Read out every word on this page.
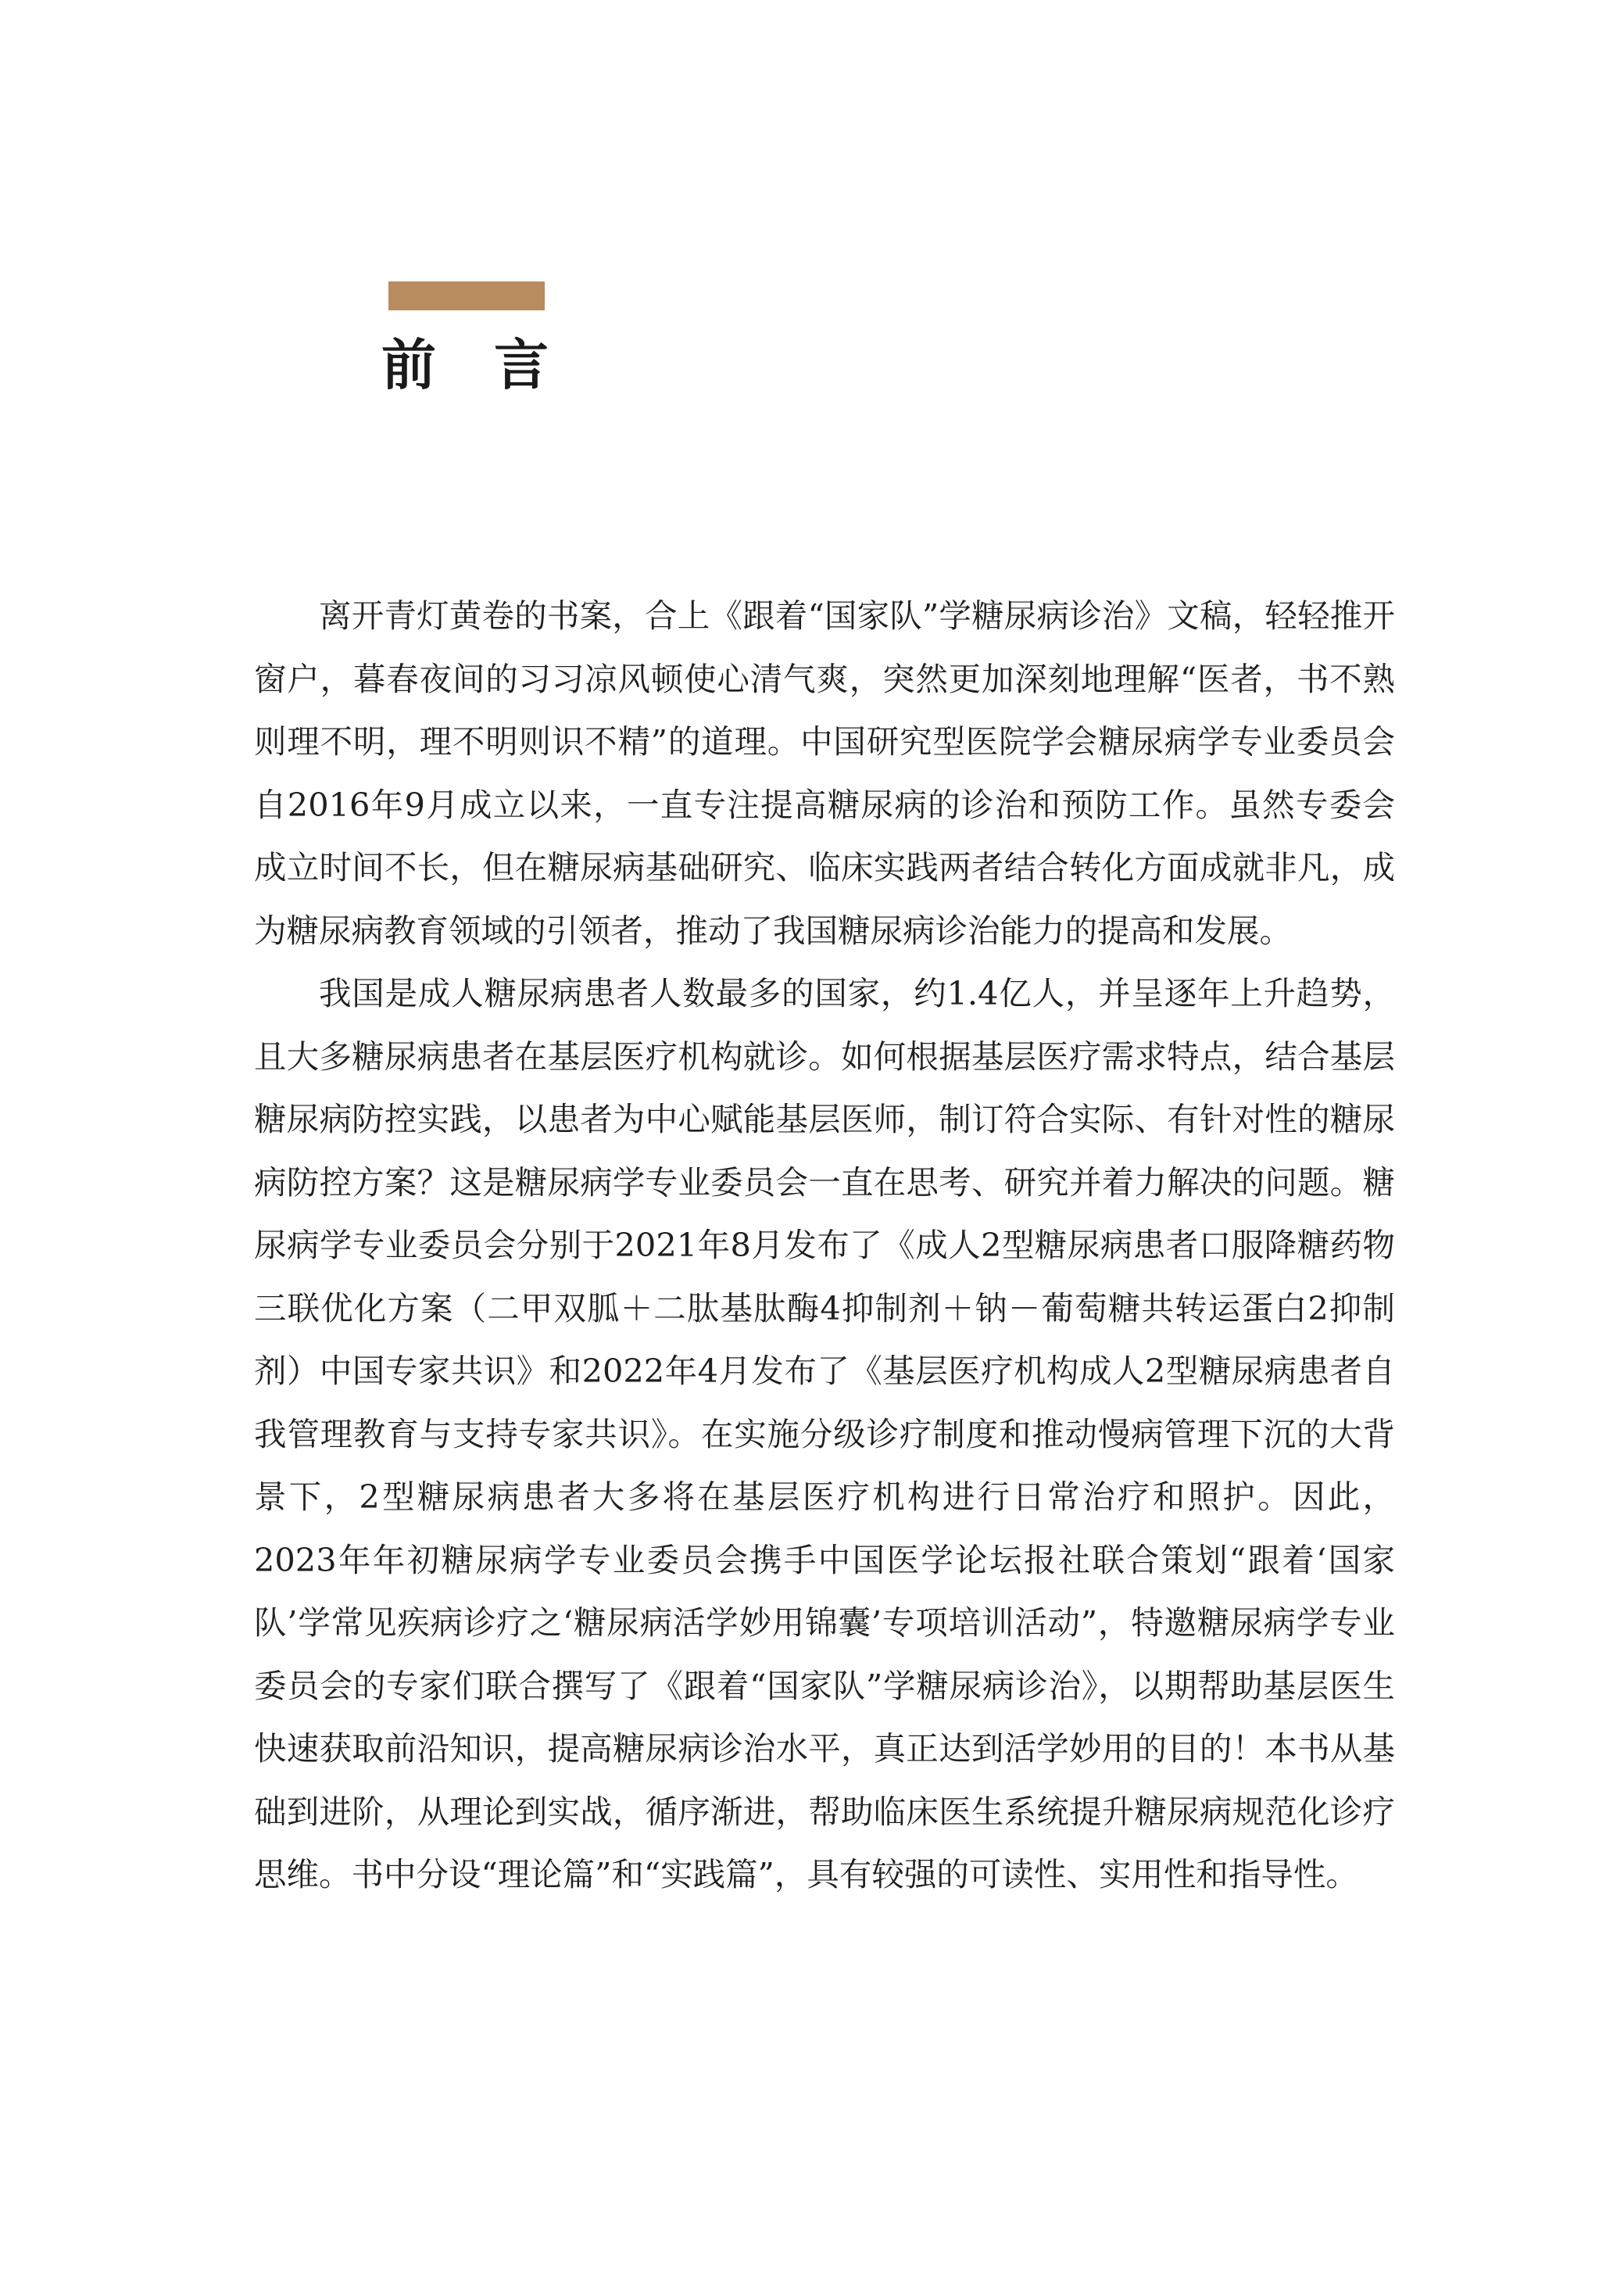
前言

离开青灯黄卷的书案，合上《跟着“国家队”学糖尿病诊治》文稿，轻轻推开窗户，暮春夜间的习习凉风顿使心清气爽，突然更加深刻地理解“医者，书不熟则理不明，理不明则识不精”的道理。中国研究型医院学会糖尿病学专业委员会自2016年9月成立以来，一直专注提高糖尿病的诊治和预防工作。虽然专委会成立时间不长，但在糖尿病基础研究、临床实践两者结合转化方面成就非凡，成为糖尿病教育领域的引领者，推动了我国糖尿病诊治能力的提高和发展。

我国是成人糖尿病患者人数最多的国家，约1.4亿人，并呈逐年上升趋势，且大多糖尿病患者在基层医疗机构就诊。如何根据基层医疗需求特点，结合基层糖尿病防控实践，以患者为中心赋能基层医师，制订符合实际、有针对性的糖尿病防控方案？这是糖尿病学专业委员会一直在思考、研究并着力解决的问题。糖尿病学专业委员会分别于2021年8月发布了《成人2型糖尿病患者口服降糖药物三联优化方案（二甲双胍＋二肽基肽酶4抑制剂＋钠－葡萄糖共转运蛋白2抑制剂）中国专家共识》和2022年4月发布了《基层医疗机构成人2型糖尿病患者自我管理教育与支持专家共识》。在实施分级诊疗制度和推动慢病管理下沉的大背景下，2型糖尿病患者大多将在基层医疗机构进行日常治疗和照护。因此，2023年年初糖尿病学专业委员会携手中国医学论坛报社联合策划“跟着‘国家队’学常见疾病诊疗之‘糖尿病活学妙用锦囊’专项培训活动”，特邀糖尿病学专业委员会的专家们联合撰写了《跟着“国家队”学糖尿病诊治》，以期帮助基层医生快速获取前沿知识，提高糖尿病诊治水平，真正达到活学妙用的目的！本书从基础到进阶，从理论到实战，循序渐进，帮助临床医生系统提升糖尿病规范化诊疗思维。书中分设“理论篇”和“实践篇”，具有较强的可读性、实用性和指导性。
